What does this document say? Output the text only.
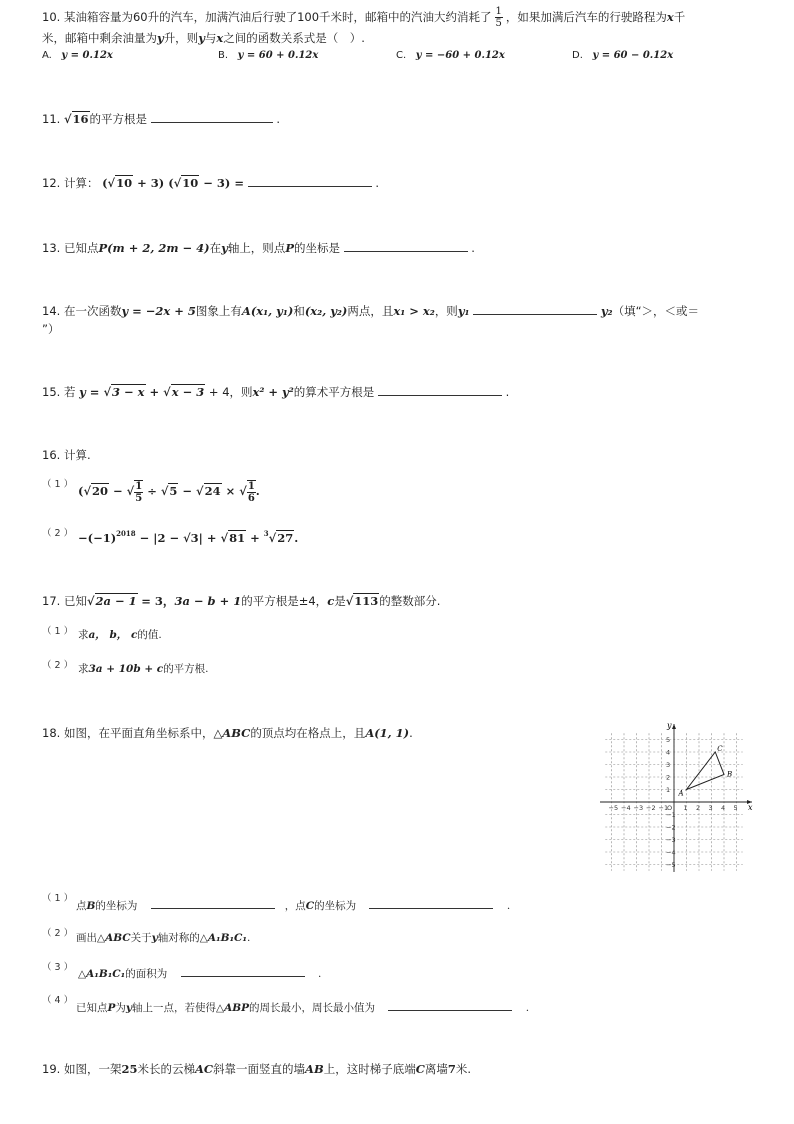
10. 某油箱容量为60升的汽车，加满汽油后行驶了100千米时，邮箱中的汽油大约消耗了 $\frac{1}{5}$ ，如果加满后汽车的行驶路程为x千
米，邮箱中剩余油量为y升，则y与x之间的函数关系式是（　）.
A. y = 0.12x	B. y = 60 + 0.12x	C. y = −60 + 0.12x	D. y = 60 − 0.12x
11. √16的平方根是	.
12. 计算： (√10 + 3) (√10 − 3) =	.
13. 已知点P(m + 2, 2m − 4)在y轴上，则点P的坐标是	.
14. 在一次函数y = −2x + 5图象上有A(x₁, y₁)和(x₂, y₂)两点，且x₁ > x₂，则y₁	y₂（填“＞，＜或＝
”）
15. 若 y = √3 − x + √x − 3 + 4，则x² + y²的算术平方根是	.
16. 计算.
（ 1 ） (√20 − √ $\frac{1}{5} \div √5 - √24$ × √ $\frac{1}{6}$ .
（ 2 ） $-(-1)^{2018} - |2 - √3| + √81 + ^3√27$.
17. 已知√2a − 1 = 3，3a − b + 1的平方根是±4，c是√113的整数部分.
（ 1 ） 求a， b， c的值.
（ 2 ） 求3a + 10b + c的平方根.
18. 如图，在平面直角坐标系中，△ABC的顶点均在格点上，且A(1, 1).
x
y
−5 −4 −3 −2 −1
O 1 2 3 4 5
5
4
3
2
1
−1
−2
−3
−4
−5
A
B
C
（ 1 ）
点B的坐标为	，点C的坐标为	.
（ 2 ） 画出△ABC关于y轴对称的△A₁B₁C₁.
（ 3 ）
△A₁B₁C₁的面积为	.
（ 4 ）
已知点P为y轴上一点，若使得△ABP的周长最小，周长最小值为	.
19. 如图，一架25米长的云梯AC斜靠一面竖直的墙AB上，这时梯子底端C离墙7米.
